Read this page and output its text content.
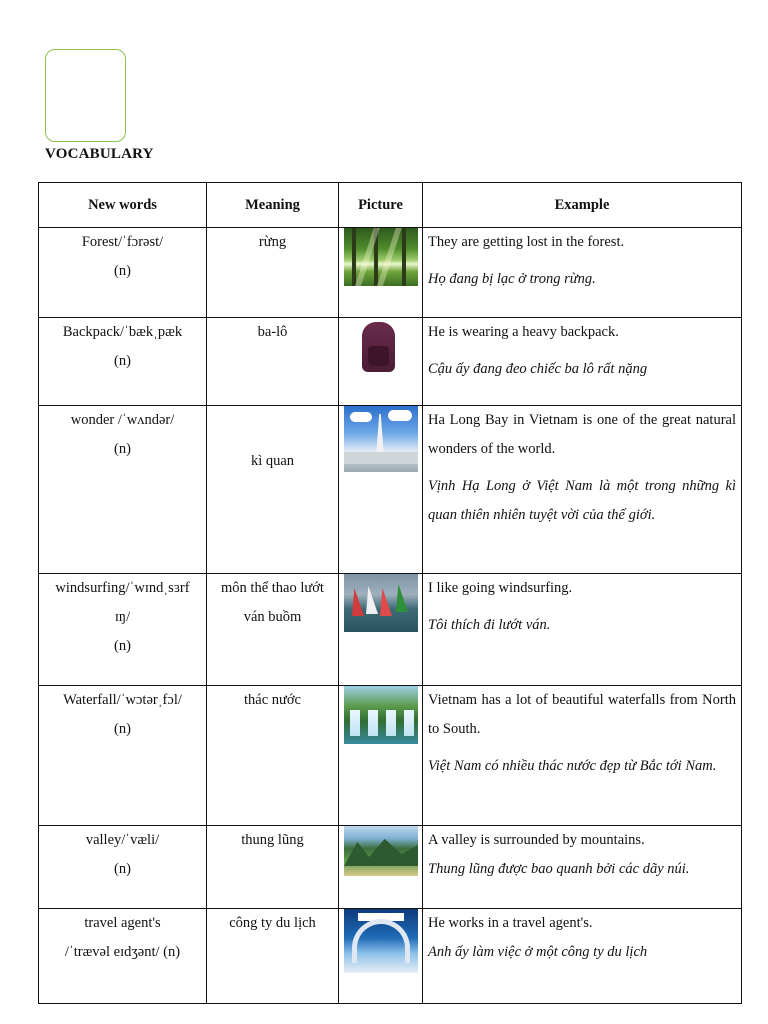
VOCABULARY
New words	Meaning	Picture	Example

Forest/ˈfɔrəst/
(n)	rừng		They are getting lost in the forest.
Họ đang bị lạc ở trong rừng.

Backpack/ˈbækˌpæk
(n)	ba-lô		He is wearing a heavy backpack.
Cậu ấy đang đeo chiếc ba lô rất nặng

wonder /ˈwʌndər/
(n)	kì quan		Ha Long Bay in Vietnam is one of the great natural wonders of the world.
Vịnh Hạ Long ở Việt Nam là một trong những kì quan thiên nhiên tuyệt vời của thế giới.

windsurfing/ˈwɪndˌsɜrf
ɪŋ/
(n)	môn thể thao lướt ván buồm		I like going windsurfing.
Tôi thích đi lướt ván.

Waterfall/ˈwɔtərˌfɔl/
(n)	thác nước		Vietnam has a lot of beautiful waterfalls from North to South.
Việt Nam có nhiều thác nước đẹp từ Bắc tới Nam.

valley/ˈvæli/
(n)	thung lũng		A valley is surrounded by mountains.
Thung lũng được bao quanh bởi các dãy núi.

travel agent's
/ˈtrævəl eɪdʒənt/ (n)	công ty du lịch		He works in a travel agent's.
Anh ấy làm việc ở một công ty du lịch
